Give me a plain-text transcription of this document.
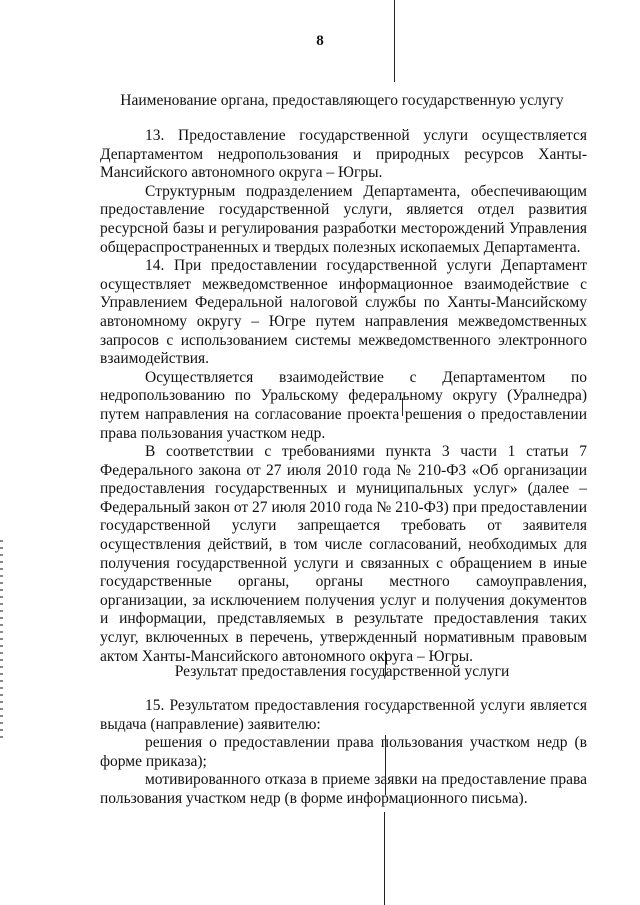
8
Наименование органа, предоставляющего государственную услугу

13. Предоставление государственной услуги осуществляется Департаментом недропользования и природных ресурсов Ханты-Мансийского автономного округа – Югры.

Структурным подразделением Департамента, обеспечивающим предоставление государственной услуги, является отдел развития ресурсной базы и регулирования разработки месторождений Управления общераспространенных и твердых полезных ископаемых Департамента.

14. При предоставлении государственной услуги Департамент осуществляет межведомственное информационное взаимодействие с Управлением Федеральной налоговой службы по Ханты-Мансийскому автономному округу – Югре путем направления межведомственных запросов с использованием системы межведомственного электронного взаимодействия.

Осуществляется взаимодействие с Департаментом по недропользованию по Уральскому федеральному округу (Уралнедра) путем направления на согласование проекта решения о предоставлении права пользования участком недр.

В соответствии с требованиями пункта 3 части 1 статьи 7 Федерального закона от 27 июля 2010 года № 210-ФЗ «Об организации предоставления государственных и муниципальных услуг» (далее – Федеральный закон от 27 июля 2010 года № 210-ФЗ) при предоставлении государственной услуги запрещается требовать от заявителя осуществления действий, в том числе согласований, необходимых для получения государственной услуги и связанных с обращением в иные государственные органы, органы местного самоуправления, организации, за исключением получения услуг и получения документов и информации, представляемых в результате предоставления таких услуг, включенных в перечень, утвержденный нормативным правовым актом Ханты-Мансийского автономного округа – Югры.

Результат предоставления государственной услуги

15. Результатом предоставления государственной услуги является выдача (направление) заявителю:

решения о предоставлении права пользования участком недр (в форме приказа);

мотивированного отказа в приеме заявки на предоставление права пользования участком недр (в форме информационного письма).
